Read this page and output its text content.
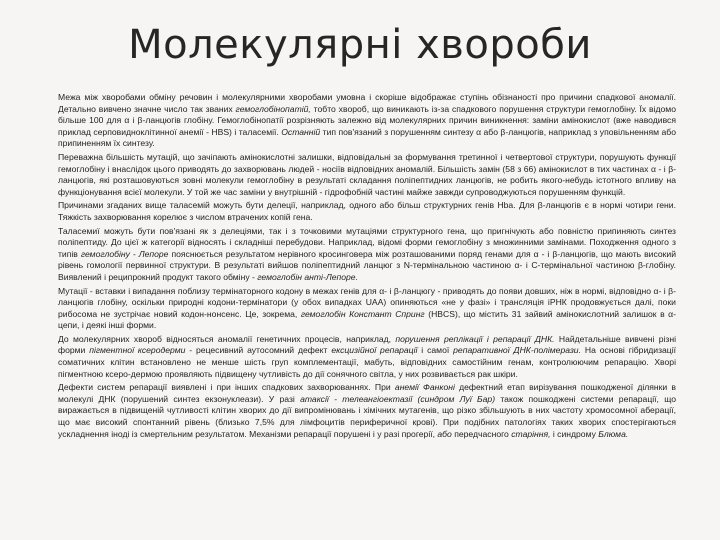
Молекулярні хвороби

Межа між хворобами обміну речовин і молекулярними хворобами умовна і скоріше відображає ступінь обізнаності про причини спадкової аномалії. Детально вивчено значне число так званих гемоглобінопатій, тобто хвороб, що виникають із-за спадкового порушення структури гемоглобіну. Їх відомо більше 100 для α і β-ланцюгів глобіну. Гемоглобінопатії розрізняють залежно від молекулярних причин виникнення: заміни амінокислот (вже наводився приклад серповидноклітинної анемії - HBS) і таласемії. Останній тип пов'язаний з порушенням синтезу α або β-ланцюгів, наприклад з уповільненням або припиненням їх синтезу.

Переважна більшість мутацій, що зачіпають амінокислотні залишки, відповідальні за формування третинної і четвертової структури, порушують функції гемоглобіну і внаслідок цього приводять до захворювань людей - носіїв відповідних аномалій. Більшість замін (58 з 66) амінокислот в тих частинах α - і β-ланцюгів, які розташовуються зовні молекули гемоглобіну в результаті складання поліпептидних ланцюгів, не робить якого-небудь істотного впливу на функціонування всієї молекули. У той же час заміни у внутрішній - гідрофобній частині майже завжди супроводжуються порушенням функцій.

Причинами згаданих вище таласемій можуть бути делеції, наприклад, одного або більш структурних генів Hba. Для β-ланцюгів є в нормі чотири гени. Тяжкість захворювання корелює з числом втрачених копій гена.

Таласемиї можуть бути пов'язані як з делеціями, так і з точковими мутаціями структурного гена, що пригнічують або повністю припиняють синтез поліпептиду. До цієї ж категорії відносять і складніші перебудови. Наприклад, відомі форми гемоглобіну з множинними замінами. Походження одного з типів гемоглобіну - Лепоре пояснюється результатом нерівного кросинговера між розташованими поряд генами для α - і β-ланцюгів, що мають високий рівень гомології первинної структури. В результаті вийшов поліпептидний ланцюг з N-термінальною частиною α- і С-термінальної частиною β-глобіну. Виявлений і реципрокний продукт такого обміну - гемоглобін анті-Лепоре.

Мутації - вставки і випадання поблизу термінаторного кодону в межах генів для α- і β-ланцюгу - приводять до появи довших, ніж в нормі, відповідно α- і β-ланцюгів глобіну, оскільки природні кодони-термінатори (у обох випадках UAA) опиняються «не у фазі» і трансляція іРНК продовжується далі, поки рибосома не зустрічає новий кодон-нонсенс. Це, зокрема, гемоглобін Констант Спринг (HBCS), що містить 31 зайвий амінокислотний залишок в α-цепи, і деякі інші форми.

До молекулярних хвороб відносяться аномалії генетичних процесів, наприклад, порушення реплікації і репарації ДНК. Найдетальніше вивчені різні форми пігментної ксеродерми - рецесивний аутосомний дефект ексцизійної репарації і самої репаративної ДНК-полімерази. На основі гібридизації соматичних клітин встановлено не менше шість груп комплементації, мабуть, відповідних самостійним генам, контролюючим репарацію. Хворі пігментною ксеро-дермою проявляють підвищену чутливість до дії сонячного світла, у них розвивається рак шкіри.

Дефекти систем репарації виявлені і при інших спадкових захворюваннях. При анемії Фанконі дефектний етап вирізування пошкодженої ділянки в молекулі ДНК (порушений синтез екзонуклеази). У разі атаксії - телеангіоектазії (синдром Луї Бар) також пошкоджені системи репарації, що виражається в підвищеній чутливості клітин хворих до дії випромінювань і хімічних мутагенів, що різко збільшують в них частоту хромосомної аберації, що має високий спонтанний рівень (близько 7,5% для лімфоцитів периферичної крові). При подібних патологіях таких хворих спостерігаються ускладнення іноді із смертельним результатом. Механізми репарації порушені і у разі прогерії, або передчасного старіння, і синдрому Блюма.
